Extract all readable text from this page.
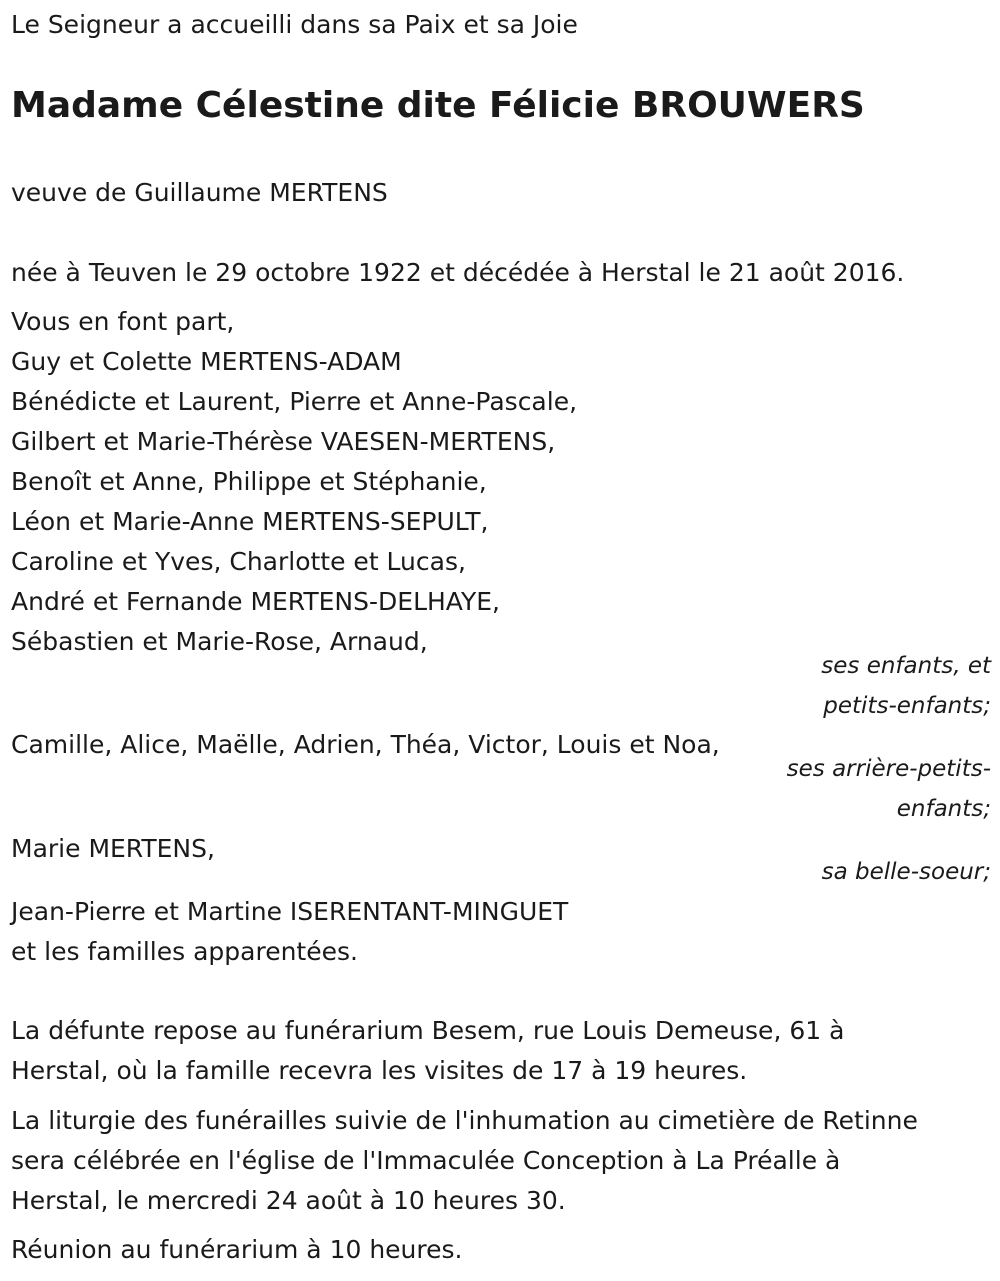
Le Seigneur a accueilli dans sa Paix et sa Joie
Madame Célestine dite Félicie BROUWERS
veuve de Guillaume MERTENS
née à Teuven le 29 octobre 1922 et décédée à Herstal le 21 août 2016.
Vous en font part,
Guy et Colette MERTENS-ADAM
Bénédicte et Laurent, Pierre et Anne-Pascale,
Gilbert et Marie-Thérèse VAESEN-MERTENS,
Benoît et Anne, Philippe et Stéphanie,
Léon et Marie-Anne MERTENS-SEPULT,
Caroline et Yves, Charlotte et Lucas,
André et Fernande MERTENS-DELHAYE,
Sébastien et Marie-Rose, Arnaud,
ses enfants, et
petits-enfants;
Camille, Alice, Maëlle, Adrien, Théa, Victor, Louis et Noa,
ses arrière-petits-
enfants;
Marie MERTENS,
sa belle-soeur;
Jean-Pierre et Martine ISERENTANT-MINGUET
et les familles apparentées.
La défunte repose au funérarium Besem, rue Louis Demeuse, 61 à
Herstal, où la famille recevra les visites de 17 à 19 heures.
La liturgie des funérailles suivie de l'inhumation au cimetière de Retinne
sera célébrée en l'église de l'Immaculée Conception à La Préalle à
Herstal, le mercredi 24 août à 10 heures 30.
Réunion au funérarium à 10 heures.
